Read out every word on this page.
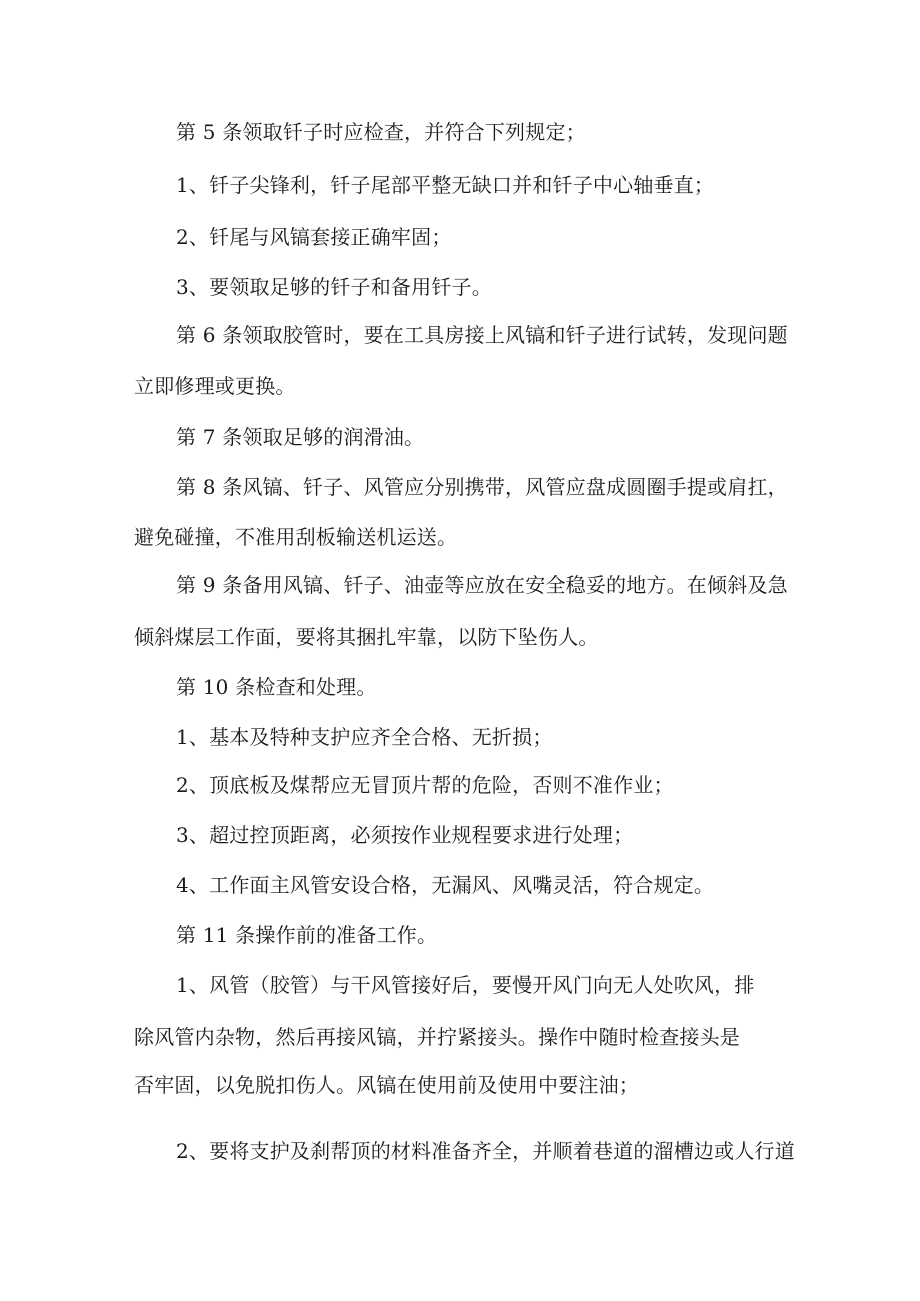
第 5 条领取钎子时应检查，并符合下列规定；
1、钎子尖锋利，钎子尾部平整无缺口并和钎子中心轴垂直；
2、钎尾与风镐套接正确牢固；
3、要领取足够的钎子和备用钎子。
第 6 条领取胶管时，要在工具房接上风镐和钎子进行试转，发现问题
立即修理或更换。
第 7 条领取足够的润滑油。
第 8 条风镐、钎子、风管应分别携带，风管应盘成圆圈手提或肩扛，
避免碰撞，不准用刮板输送机运送。
第 9 条备用风镐、钎子、油壶等应放在安全稳妥的地方。在倾斜及急
倾斜煤层工作面，要将其捆扎牢靠，以防下坠伤人。
第 10 条检查和处理。
1、基本及特种支护应齐全合格、无折损；
2、顶底板及煤帮应无冒顶片帮的危险，否则不准作业；
3、超过控顶距离，必须按作业规程要求进行处理；
4、工作面主风管安设合格，无漏风、风嘴灵活，符合规定。
第 11 条操作前的准备工作。
1、风管（胶管）与干风管接好后，要慢开风门向无人处吹风，排
除风管内杂物，然后再接风镐，并拧紧接头。操作中随时检查接头是
否牢固，以免脱扣伤人。风镐在使用前及使用中要注油；
2、要将支护及刹帮顶的材料准备齐全，并顺着巷道的溜槽边或人行道
